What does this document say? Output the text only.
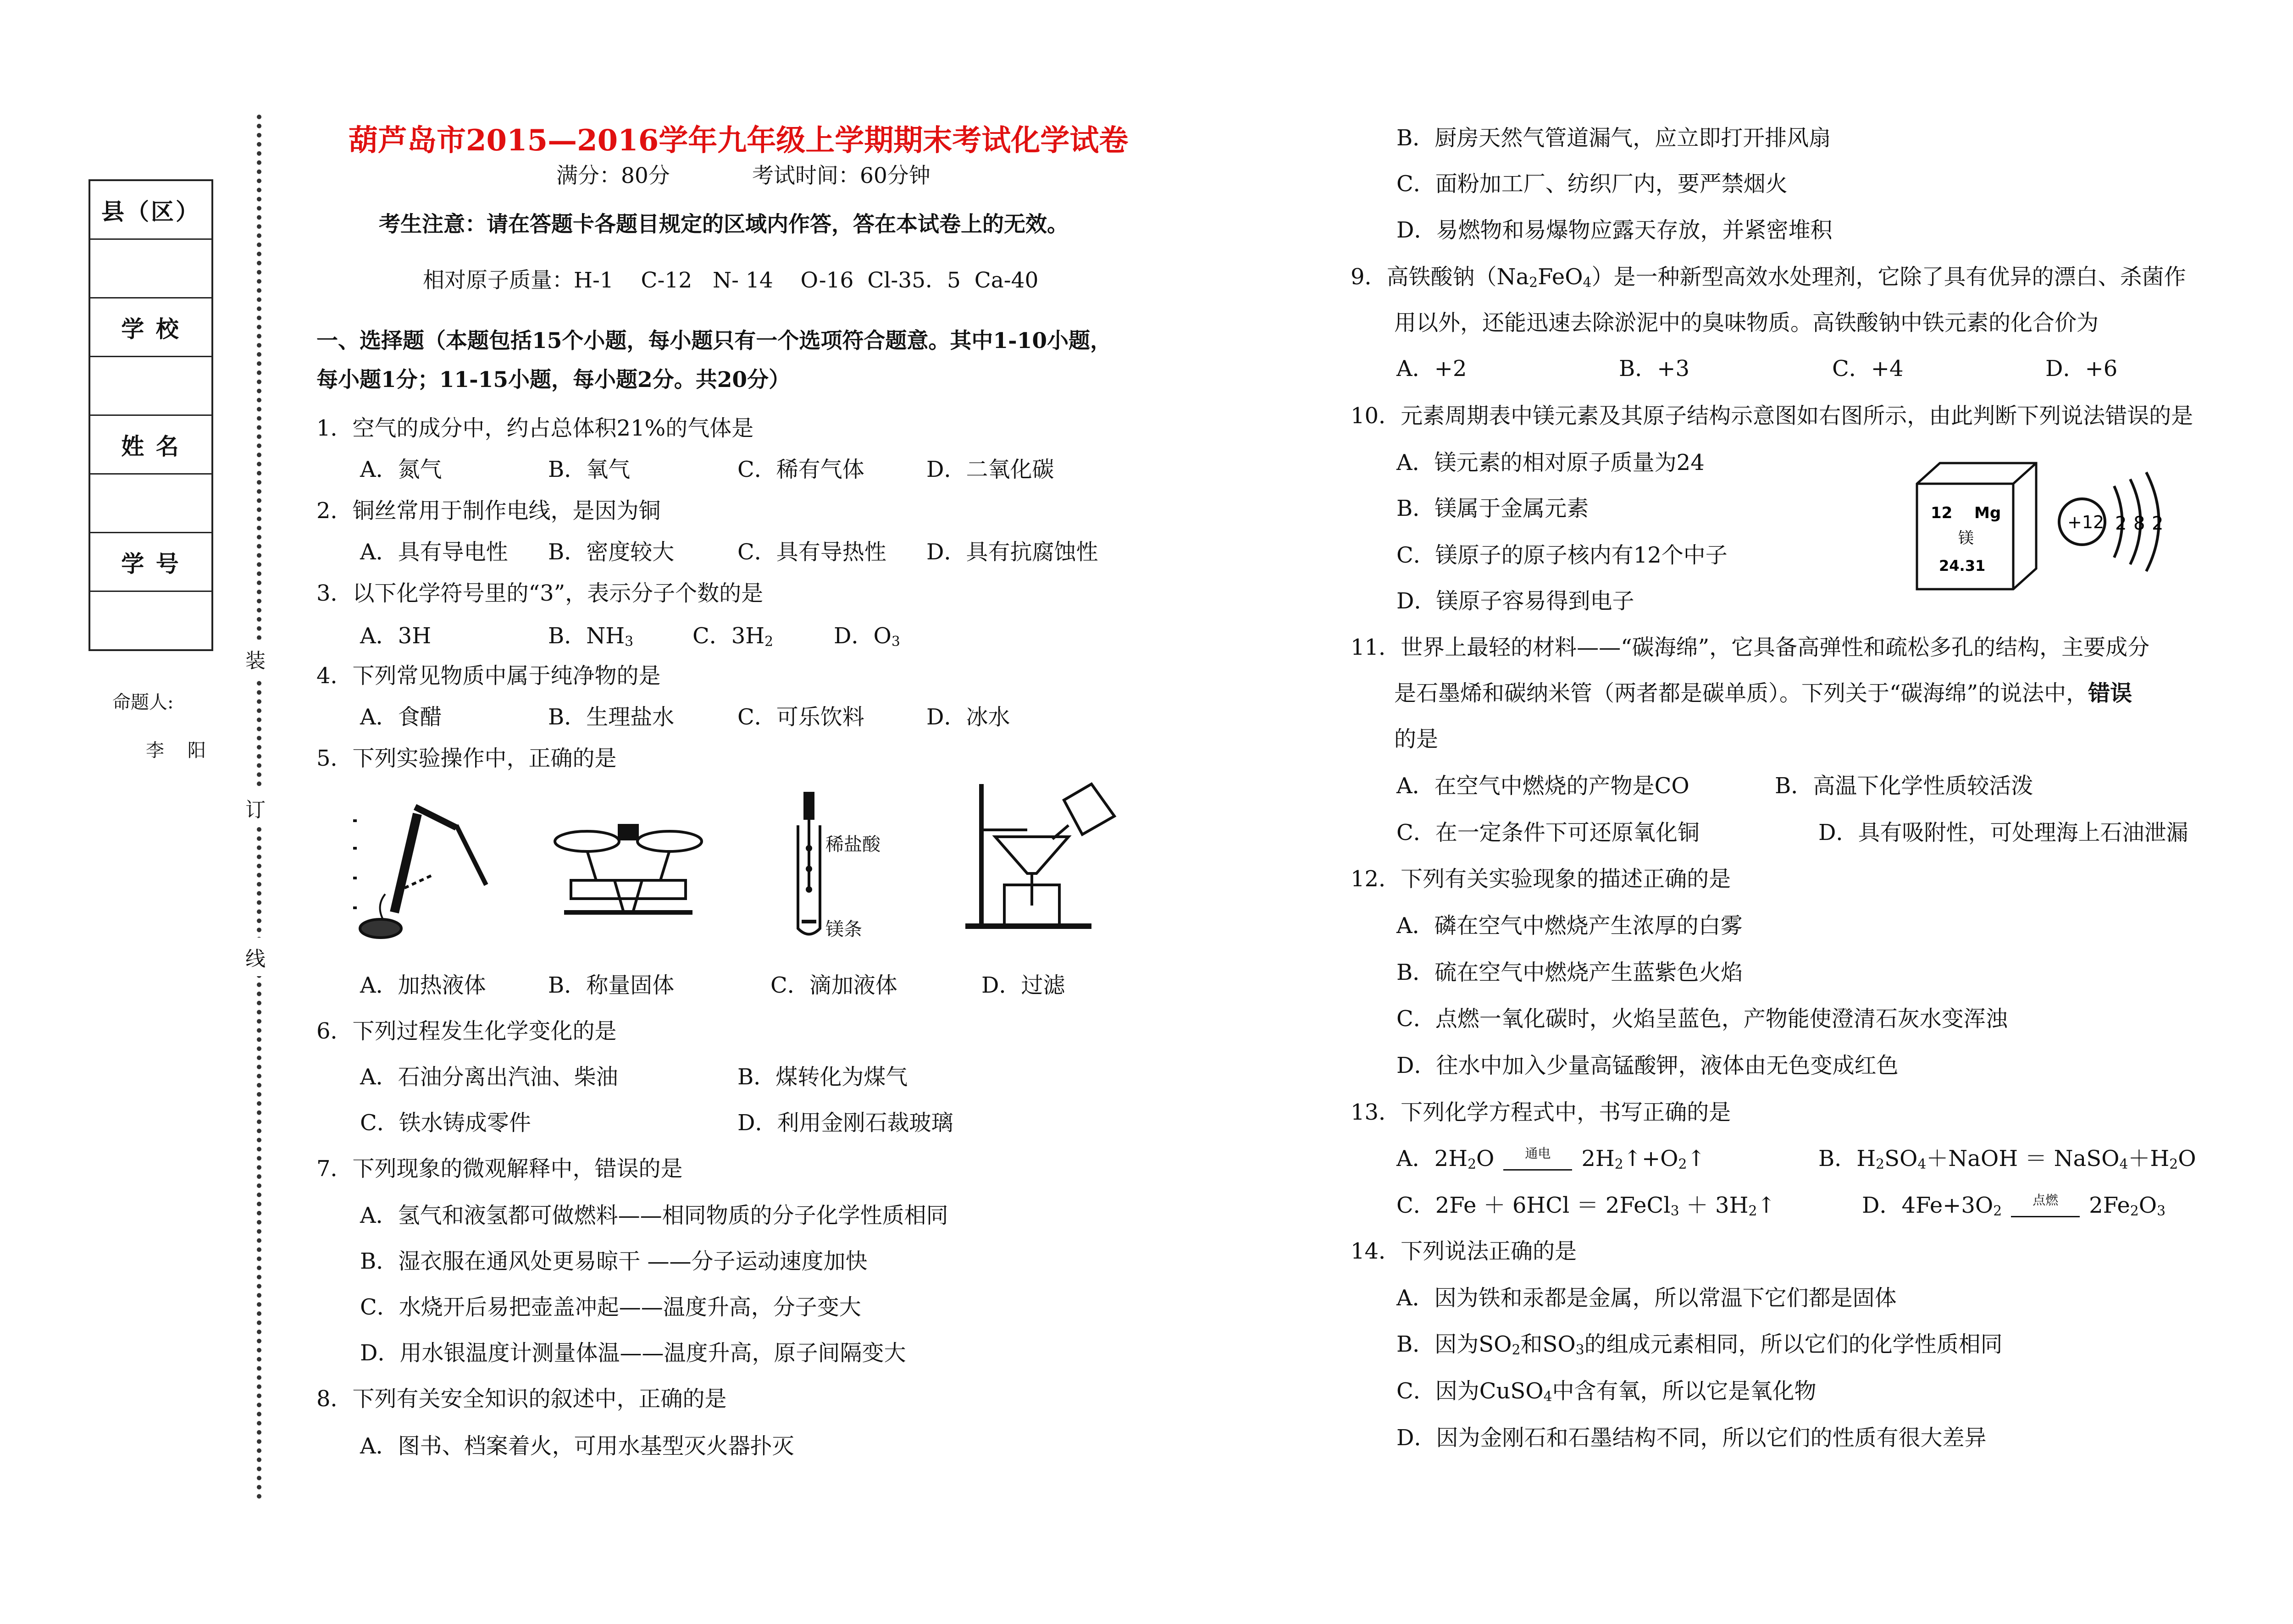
县（区）

学 校

姓 名

学 号

命题人:
李    阳
装
订
线
葫芦岛市2015—2016学年九年级上学期期末考试化学试卷
满分：80分	考试时间：60分钟
考生注意：请在答题卡各题目规定的区域内作答，答在本试卷上的无效。
相对原子质量：H-1    C-12   N- 14    O-16  Cl-35．5  Ca-40
一、选择题（本题包括15个小题，每小题只有一个选项符合题意。其中1-10小题，
每小题1分；11-15小题，每小题2分。共20分）
1．空气的成分中，约占总体积21%的气体是
A．氮气	B．氧气	C．稀有气体	D．二氧化碳
2．铜丝常用于制作电线，是因为铜
A．具有导电性 B．密度较大	C．具有导热性 D．具有抗腐蚀性
3．以下化学符号里的“3”，表示分子个数的是
A．3H	B．$NH_3$	C．$3H_2$	D．$O_3$
4．下列常见物质中属于纯净物的是
A．食醋	B．生理盐水	C．可乐饮料	D．冰水
5．下列实验操作中，正确的是
稀盐酸
镁条
A．加热液体	B．称量固体	C．滴加液体	D．过滤
6．下列过程发生化学变化的是
A．石油分离出汽油、柴油	B．煤转化为煤气
C．铁水铸成零件	D．利用金刚石裁玻璃
7．下列现象的微观解释中，错误的是
A．氢气和液氢都可做燃料——相同物质的分子化学性质相同
B．湿衣服在通风处更易晾干 ——分子运动速度加快
C．水烧开后易把壶盖冲起——温度升高，分子变大
D．用水银温度计测量体温——温度升高，原子间隔变大
8．下列有关安全知识的叙述中，正确的是
A．图书、档案着火，可用水基型灭火器扑灭
B．厨房天然气管道漏气，应立即打开排风扇
C．面粉加工厂、纺织厂内，要严禁烟火
D．易燃物和易爆物应露天存放，并紧密堆积
9．高铁酸钠$(Na_2FeO_4)$是一种新型高效水处理剂，它除了具有优异的漂白、杀菌作
用以外，还能迅速去除淤泥中的臭味物质。高铁酸钠中铁元素的化合价为
A．+2	B．+3	C．+4	D．+6
10．元素周期表中镁元素及其原子结构示意图如右图所示，由此判断下列说法错误的是
A．镁元素的相对原子质量为24
B．镁属于金属元素
C．镁原子的原子核内有12个中子
D．镁原子容易得到电子
12 Mg
镁
24.31
+12 2 8 2
11．世界上最轻的材料——“碳海绵”，它具备高弹性和疏松多孔的结构，主要成分
是石墨烯和碳纳米管（两者都是碳单质）。下列关于“碳海绵”的说法中，错误
的是
A．在空气中燃烧的产物是CO	B．高温下化学性质较活泼
C．在一定条件下可还原氧化铜	D．具有吸附性，可处理海上石油泄漏
12．下列有关实验现象的描述正确的是
A．磷在空气中燃烧产生浓厚的白雾
B．硫在空气中燃烧产生蓝紫色火焰
C．点燃一氧化碳时，火焰呈蓝色，产物能使澄清石灰水变浑浊
D．往水中加入少量高锰酸钾，液体由无色变成红色
13．下列化学方程式中，书写正确的是
A．$2H_2O$ 通电 $2H_2↑+O_2↑$	B．$H_2SO_4+NaOH$ ＝ $NaSO_4+H_2O$
C．2Fe ＋ 6HCl ＝ 2FeCl$_3$ ＋ $3H_2↑$	D．$4Fe+3O_2$点燃 $2Fe_2O_3$
14．下列说法正确的是
A．因为铁和汞都是金属，所以常温下它们都是固体
B．因为$SO_2$和$SO_3$的组成元素相同，所以它们的化学性质相同
C．因为CuSO$_4$中含有氧，所以它是氧化物
D．因为金刚石和石墨结构不同，所以它们的性质有很大差异
